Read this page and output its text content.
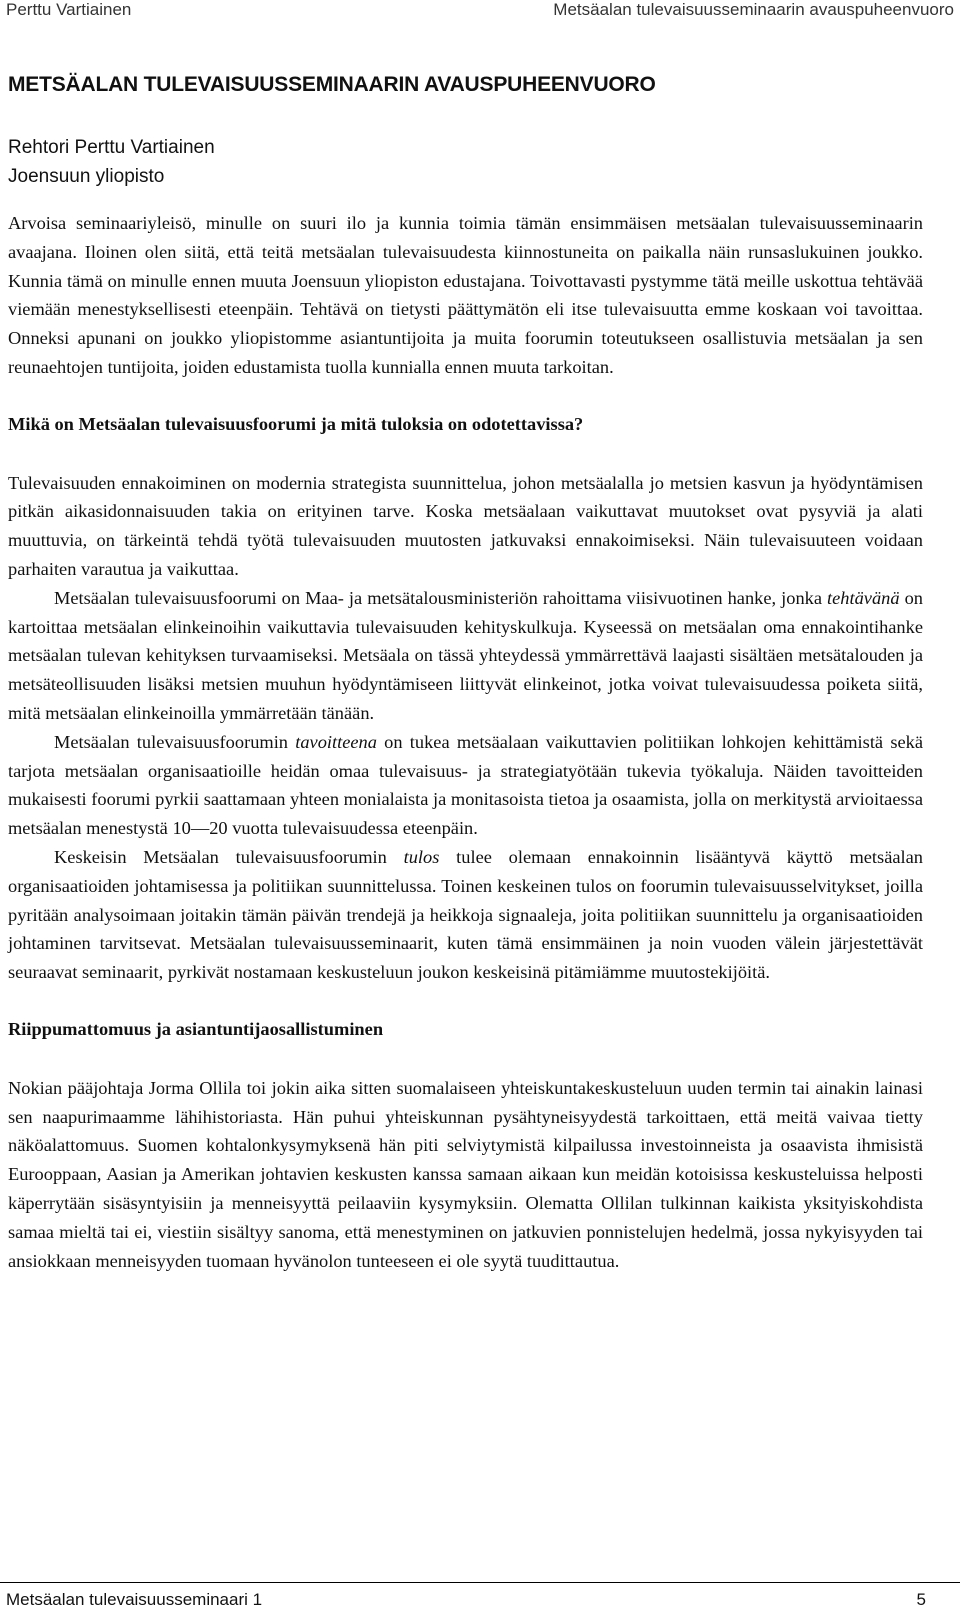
Perttu Vartiainen	Metsäalan tulevaisuusseminaarin avauspuheenvuoro
METSÄALAN TULEVAISUUSSEMINAARIN AVAUSPUHEENVUORO
Rehtori Perttu Vartiainen
Joensuun yliopisto

Arvoisa seminaariyleisö, minulle on suuri ilo ja kunnia toimia tämän ensimmäisen metsäalan tulevaisuusseminaarin avaajana. Iloinen olen siitä, että teitä metsäalan tulevaisuudesta kiinnostuneita on paikalla näin runsaslukuinen joukko. Kunnia tämä on minulle ennen muuta Joensuun yliopiston edustajana. Toivottavasti pystymme tätä meille uskottua tehtävää viemään menestyksellisesti eteenpäin. Tehtävä on tietysti päättymätön eli itse tulevaisuutta emme koskaan voi tavoittaa. Onneksi apunani on joukko yliopistomme asiantuntijoita ja muita foorumin toteutukseen osallistuvia metsäalan ja sen reunaehtojen tuntijoita, joiden edustamista tuolla kunnialla ennen muuta tarkoitan.

Mikä on Metsäalan tulevaisuusfoorumi ja mitä tuloksia on odotettavissa?

Tulevaisuuden ennakoiminen on modernia strategista suunnittelua, johon metsäalalla jo metsien kasvun ja hyödyntämisen pitkän aikasidonnaisuuden takia on erityinen tarve. Koska metsäalaan vaikuttavat muutokset ovat pysyviä ja alati muuttuvia, on tärkeintä tehdä työtä tulevaisuuden muutosten jatkuvaksi ennakoimiseksi. Näin tulevaisuuteen voidaan parhaiten varautua ja vaikuttaa.

Metsäalan tulevaisuusfoorumi on Maa- ja metsätalousministeriön rahoittama viisivuotinen hanke, jonka tehtävänä on kartoittaa metsäalan elinkeinoihin vaikuttavia tulevaisuuden kehityskulkuja. Kyseessä on metsäalan oma ennakointihanke metsäalan tulevan kehityksen turvaamiseksi. Metsäala on tässä yhteydessä ymmärrettävä laajasti sisältäen metsätalouden ja metsäteollisuuden lisäksi metsien muuhun hyödyntämiseen liittyvät elinkeinot, jotka voivat tulevaisuudessa poiketa siitä, mitä metsäalan elinkeinoilla ymmärretään tänään.

Metsäalan tulevaisuusfoorumin tavoitteena on tukea metsäalaan vaikuttavien politiikan lohkojen kehittämistä sekä tarjota metsäalan organisaatioille heidän omaa tulevaisuus- ja strategiatyötään tukevia työkaluja. Näiden tavoitteiden mukaisesti foorumi pyrkii saattamaan yhteen monialaista ja monitasoista tietoa ja osaamista, jolla on merkitystä arvioitaessa metsäalan menestystä 10—20 vuotta tulevaisuudessa eteenpäin.

Keskeisin Metsäalan tulevaisuusfoorumin tulos tulee olemaan ennakoinnin lisääntyvä käyttö metsäalan organisaatioiden johtamisessa ja politiikan suunnittelussa. Toinen keskeinen tulos on foorumin tulevaisuusselvitykset, joilla pyritään analysoimaan joitakin tämän päivän trendejä ja heikkoja signaaleja, joita politiikan suunnittelu ja organisaatioiden johtaminen tarvitsevat. Metsäalan tulevaisuusseminaarit, kuten tämä ensimmäinen ja noin vuoden välein järjestettävät seuraavat seminaarit, pyrkivät nostamaan keskusteluun joukon keskeisinä pitämiämme muutostekijöitä.

Riippumattomuus ja asiantuntijaosallistuminen

Nokian pääjohtaja Jorma Ollila toi jokin aika sitten suomalaiseen yhteiskuntakeskusteluun uuden termin tai ainakin lainasi sen naapurimaamme lähihistoriasta. Hän puhui yhteiskunnan pysähtyneisyydestä tarkoittaen, että meitä vaivaa tietty näköalattomuus. Suomen kohtalonkysymyksenä hän piti selviytymistä kilpailussa investoinneista ja osaavista ihmisistä Eurooppaan, Aasian ja Amerikan johtavien keskusten kanssa samaan aikaan kun meidän kotoisissa keskusteluissa helposti käperrytään sisäsyntyisiin ja menneisyyttä peilaaviin kysymyksiin. Olematta Ollilan tulkinnan kaikista yksityiskohdista samaa mieltä tai ei, viestiin sisältyy sanoma, että menestyminen on jatkuvien ponnistelujen hedelmä, jossa nykyisyyden tai ansiokkaan menneisyyden tuomaan hyvänolon tunteeseen ei ole syytä tuudittautua.

Metsäalan tulevaisuusseminaari 1	5
